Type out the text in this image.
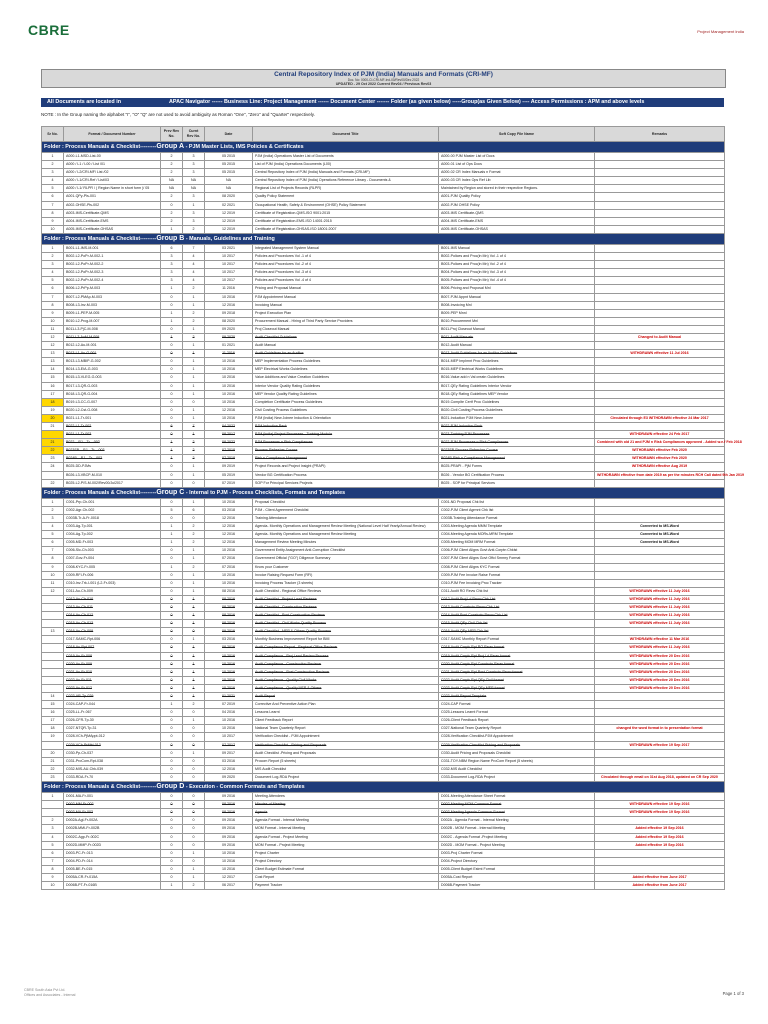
CBRE	Project Management India
Central Repository Index of PJM (India) Manuals and Formats (CRI-MF)
Doc. No: 0000-CI-CRI-MF-Ind-00/Rev00/Dec 2022
UPDATED - 29 Oct 2022 Current Rev04 / Previous Rev03
All Documents are located in	APAC Navigator ------ Business Line: Project Management ------ Document Center ------- Folder (as given below) -----Group(as Given Below) ---- Access Permissions : APM and above levels
NOTE : In the Group naming the alphabet "I", "O" "Q" are not used to avoid ambiguity as Roman "One", "Zero" and "Quarter" respectively.
Sr No.	Format / Document Number	Prev Rev No.	Curnt Rev No.	Date	Document Title	Soft Copy File Name	Remarks
Folder : Process Manuals & Checklist---------Group A - PJM Master Lists, IMS Policies & Certificates							
1	A000-L1-MSD-List-00	2	3	05 2015	PJM (India) Operations Master List of Documents	A000-00 PJM Master List of Docs	
2	A000 / L1 / L00 / List /01	2	3	05 2015	List of PJM (India) Operations Documents (L00)	A000-01 List of Ops Docs	
3	A000 / L2/CRI-MF/ List /02	2	3	05 2015	Central Repository Index of PJM (India) Manuals and Formats (CRI-MF)	A000-02 CR Index Manuals n Format	
4	A000 / L1/CRI-Ref / List/03	NA	NA	NA	Central Repository Index of PJM (India) Operations Reference Library - Documents &	A000-03 CR Index Ops Ref Lib	
5	A000 / L1/ RLPR / ( Region Name in short form )/ 05	NA	NA	NA	Regional List of Projects Records (RLPR)	Maintained by Region and stored in their respective Regions.	
6	A001-QPy-Pls-001	2	3	08 2020	Quality Policy Statement	A001-PJM Quality Policy	
7	A002-OHSE-Pls-002	0	1	02 2021	Occupational Health, Safety & Environment (OHSE) Policy Statement	A002-PJM OHSE Policy	
8	A003-IMS-Certificate-QMS	2	3	12 2019	Certificate of Registration-QMS-ISO 9001:2015	A003-IMS Certificate-QMS	
9	A004-IMS-Certificate-EMS	2	3	12 2019	Certificate of Registration-EMS-ISO 14001:2015	A004-IMS Certificate-EMS	
10	A005-IMS-Certificate-OHSAS	1	2	12 2019	Certificate of Registration-OHSAS-ISO 18001:2007	A005-IMS Certificate-OHSAS	
Folder : Process Manuals & Checklist---------Group B - Manuals, Guidelines and Training							
1	B001-L1-IMS-M-001	6	7	03 2021	Integrated Management System Manual	B001-IMS Manual	
2	B002-L2-PoPr-M-002-1	3	4	10 2017	Policies and Procedures Vol -1 of 4	B002-Polices and Proc(in Mn) Vol -1 of 4	
3	B002-L2-PoPr-M-002-2	3	4	10 2017	Policies and Procedures Vol -2 of 4	B003-Polices and Proc(in Mn) Vol -2 of 4	
4	B002-L2-PoPr-M-002-3	3	4	10 2017	Policies and Procedures Vol -3 of 4	B004-Polices and Proc(in Mn) Vol -3 of 4	
5	B002-L2-PoPr-M-002-4	3	4	10 2017	Policies and Procedures Vol -4 of 4	B005-Polices and Proc(in Mn) Vol -4 of 4	
6	B006-L2-PrPp-M-003	1	2	11 2016	Pricing and Proposal Manual	B006-Pricing and Proposal Mnl	
7	B007-L2-PMAp-M-003	0	1	10 2016	PJM Appointment Manual	B007-PJM Appnt Manual	
8	B008-L3-Inv-M-003	0	1	12 2016	Invoicing Manual	B008-Invoicing Mnl	
9	B009-L1-PEP-M-005	1	2	09 2018	Project Execution Plan	B009-PEP Mnnl	
10	B010-L2-Prcg-M-007	1	2	08 2020	Procurement Manual - Hiring of Third Party Service Providers	B010-Procurement Mnl	
11	B011-L3-PjC-M-008	0	1	09 2020	Proj Closeout Manual	B011-Proj Closeout Manual	
12	B011-L3-AuM-M-009	1	2	09 2020	Audit Checklist Guidelines	B011-Audit Manuals	Changed to Audit Manual
12	B012-L2-Au-M-001	0	1	01 2021	Audit Manual	B012-Audit Manual	
13	B013-L1-Au-G-001	0	1	11 2016	Audit Guidelines for an Auditor	B013-Audit Guidelines for an Auditor Guidelines	WITHDRAWN effective 11 Jul 2016
13	B013-L3-MBIP-G-002	0	1	10 2016	MEP Implementation Process Guidelines	B014-MEP Implmnt Proc Guidelines	
14	B014-L3-EIA-G-003	0	1	10 2016	MEP Electrical Works Guidelines	B015-MEP Electrical Works Guidelines	
15	B015-L3-VLEG-G-003	0	1	10 2016	Value Additions and Value Creation Guidelines	B016-Value add n Val creatn Guidelines	
16	B017-L3-QR-G-003	0	1	10 2016	Interior Vendor Quality Rating Guidelines	B017-QEy Rating Guidelines Interior Vendor	
17	B018-L3-QR-G-004	0	1	10 2016	MEP Vendor Quality Rating Guidelines	B018-QEy Rating Guidelines MEP Vendor	
18	B019-L3-CC-G-007	0	0	10 2016	Completion Certificate Process Guidelines	B019-Complte Certf Proc Guidelines	
19	B020-L2-Cst-G-008	0	1	12 2016	Civil Costing Process Guidelines	B020-Civil Costing Process Guidelines	
20	B021-L1-Tr-001	0	1	10 2016	PJM (India) New Joinee Induction & Orientation	B021-Induction PJM New Joinee	Circulated through E3 WITHDRAWN effective 24 Mar 2017
21	B022-L1-Tr-002	6	7	04 2022	PJM Induction Pack	B022-PJM Induction Pack	
	B021-L1-Tr-003	0	1	08 2017	PJM (India) Project Processes - Training Module	B023-Training PJM Processes	WITHDRAWN effective 24 Feb 2017
21	B022 – PJ – Tr – 002	1	2	08 2022	PJM Processes n Risk Compliances	B022-PJM Processes n Risk Compliances	Combined with old 21 and PJM n Risk Compliances approved - Added w.e.f Feb 2018
22	B023SB – PJ – Tr – 003	1	2	07 2018	Process Refresher Course	B023SB-Process Refresher Course	WITHDRAWN effective Feb 2020
23	B024B – PJ – Tr – 003	1	2	07 2018	Risk n Compliance Management	B024B-Risk n Compliance Management	WITHDRAWN effective Feb 2020
24	B025-DD-PJMs	0	1	09 2019	Project Records and Project Insight (PRAPI)	B025-PRAPI - PjM Forms	WITHDRAWN effective Aug 2019
	B026-L3-VBCP-M-010	0	1	05 2019	Vendor BG Certification Process	B026 - Vendor BG Certification Process	WITHDRAWN effective from date 2019 as per the minutes RCH Call dated 9th Jan 2019
22	B025-L2-P/S-M-002/Rev00/Jul2017	0	0	07 2019	SOP For Principal Services Projects	B025 - SOP for Principal Services	
Folder : Process Manuals & Checklist---------Group C - Internal to PJM - Process Checklists, Formats and Templates							
1	C001-Prp-Ch-001	0	1	10 2016	Proposal Checklist	C001-ND Proposal Chk list	
2	C002-Agr-Ch-002	5	6	03 2018	PJM - Client Agreement Checklist	C002-PJM Client Agrmnt Chk list	
3	C003B-Tr-A-Fr-0018	0	0	12 2016	Training Attendance	C003B-Training Attendance Format	
4	C003-Ag-Tp-001	1	2	12 2016	Agenda- Monthly Operations and Management Review Meeting (National Level Half Yearly/Annual Review)	C003-Meeting Agenda MMM Template	Converted to MS-Word
5	C004-Ag-Tp-002	1	2	12 2016	Agenda- Monthly Operations and Management Review Meeting	C004-Meeting Agenda MORs-MRM Template	Converted to MS-Word
6	C005-MD-Fr-003	1	2	12 2016	Management Review Meeting Minutes	C005-Meeting MOM MRM Format	Converted to MS-Word
7	C006-Slc-Ch-003	0	1	10 2016	Government Entity Assignment Anti-Corruption Checklist	C006-PJM Client Aligns Govt Anti-Corptn Chklst	
8	C007-Gov-Fr-004	0	1	07 2016	Government Official ("GO") Diligence Summary	C007-PJM Client Aligns Govt Offcl Smmry Format	
9	C008-KYC-Fr-005	1	2	07 2016	Know your Customer	C008-PJM Client Aligns KYC Format	
10	C009-RFI-Fr-006	0	1	10 2016	Invoice Raising Request Form (RFI)	C009-PJM Fee Invoice Raise Format	
11	C010-Inv-Trk-I-001 (L2-Fr-003)	0	1	10 2016	Invoicing Process Tracker (3 sheets)	C010-PJM Fee Invoicing Proc Tracker	
12	C011-Au-Ch-009	0	1	08 2016	Audit Checklist - Regional Office Reviews	C011-Audit RO Revw Chk list	WITHDRAWN effective 11 July 2016
	C012-Au-Ch-010	0	1	08 2016	Audit Checklist - Project Lead Reviews	C012-Audit Proj Ld Revw Chk List	WITHDRAWN effective 11 July 2016
	C013-Au-Ch-011	0	1	08 2016	Audit Checklist - Construction Reviews	C013-Audit Constrctn Revw Chk List	WITHDRAWN effective 11 July 2016
	C014-Au-Ch-012	0	1	08 2016	Audit Checklist - Post Construction Reviews	C014-Audit Post Constrctn Revw Chk List	WITHDRAWN effective 11 July 2016
	C015-Au-Ch-013	0	1	08 2016	Audit Checklist - Civil Works Quality Process	C015-Audit QEy Civil Chk list	WITHDRAWN effective 11 July 2016
13	C016-Au-Ch-009	0	0	09 2016	Audit Checklist - MEP & Others Quality Process	C016-Audit QEy MEP Chk list	
	C017-SAMC-Rpt-006	0	1	03 2016	Monthly Business Improvement Report for BMI	C017-SAMC Monthly Report Format	WITHDRAWN effective 11 Mar 2016
	C018-Au-Rpt-007	0	1	08 2016	Audit Compliance Report - Regional Office Reviews	C018-Audit Cmplc Rpt RO Revw format	WITHDRAWN effective 11 July 2016
	C019-Au-Fr-008	0	1	10 2016	Audit Compliance - Proj Lead Review Process	C019-Audit Cmplc Rpt Proj Ld Revw format	WITHDRAWN effective 20 Dec 2016
	C020-Au-Fr-009	0	1	10 2016	Audit Compliance - Construction Reviews	C020-Audit Cmplc Rpt Constrctn Revw format	WITHDRAWN effective 20 Dec 2016
	C021-Au-Fr-010	0	1	10 2016	Audit Compliance - Post Construction Reviews	C021-Audit Cmplc Rpt Post Constrctn Revw format	WITHDRAWN effective 20 Dec 2016
	C022-Au-Fr-011	0	1	10 2016	Audit Compliance - Quality Civil Works	C022-Audit Cmplc Rpt QEy Civil format	WITHDRAWN effective 20 Dec 2016
	C023-Au-Fr-012	0	1	10 2016	Audit Compliance - Quality MEP & Others	C023-Audit Cmplc Rpt QEy MEP format	WITHDRAWN effective 20 Dec 2016
14	C023-AR-Tp-029	0	1	01 2021	Audit Report	C023-Audit Report Template	
15	C024-CAP-Fr-044	1	2	07 2019	Corrective And Preventive Action Plan	C024-CAP Format	
16	C025-LL-Fr-067	0	0	04 2016	Lessons Learnt	C025-Lessons Learnt Format	
17	C026-CFR-Tp-30	0	1	10 2016	Client Feedback Report	C026-Client Feedback Report	
18	C027-NTQR-Tp-31	0	0	10 2016	National Team Quarterly Report	C027-National Team Quarterly Report	changed the word format in to presentation format
19	C028-VCh-PjMAppt-012	0	0	10 2017	Verification Checklist - PJM Appointment	C028-Verification Checklist-PJM Appointment	
	C029-VCh-PrMtd-013	0	0	07 2017	Verification Checklist - Pricing and Proposals	C029-Verification Checklist-Pricing and Proposals	WITHDRAWN effective 19 Sep 2017
20	C030-Pp-Ch-037	0	1	09 2017	Audit Checklist -Pricing and Proposals	C030-Audit Pricing and Proposals Checklist	
21	C031-ProCom-Rpt-038	0	0	03 2016	Procom Report (5 sheets)	C031-TOY-NBM Region Name ProCom Report (5 sheets)	
22	C032-MIS-AU-Chk-039	0	0	12 2016	MIS Audit Checklist	C032-MIS Audit Checklist	
23	C033-RDA-Fr-70	0	0	09 2020	Document Log-RDA Project	C033-Document Log-RDA Project	Circulated through email on 31st Aug 2018, updated on CR Sep 2020
Folder : Process Manuals & Checklist---------Group D - Execution - Common Formats and Templates							
1	D001-MA-Fr-001	0	0	09 2016	Meeting Attendees	D001-Meeting Attendance Sheet Format	
	D002-MM-Fr-002	0	0	08 2016	Minutes of Meeting	D002-Meeting MOM Common Format	WITHDRAWN effective 19 Sep 2016
	D003-MA-Fr-003	0	0	08 2016	Agenda	D003-Meeting Agenda Common Format	WITHDRAWN effective 19 Sep 2016
2	D002A-Agl-Fr-002A	0	0	09 2016	Agenda Format - Internal Meeting	D002A - Agenda Format - Internal Meeting	
3	D002B-MMI-Fr-002B	0	0	09 2016	MOM Format - Internal Meeting	D002B - MOM Format - Internal Meeting	Added effective 19 Sep 2016
4	D002C-Agp-Fr-002C	0	0	09 2016	Agenda Format - Project Meeting	D002C - Agenda Format -Project Meeting	Added effective 19 Sep 2016
5	D002D-MMP-Fr-002D	0	0	09 2016	MOM Format - Project Meeting	D002D - MOM Format - Project Meeting	Added effective 19 Sep 2016
6	D003-PC-Fr-013	0	1	10 2016	Project Charter	D003-Proj Charter Format	
7	D004-PD-Fr-014	0	0	10 2016	Project Directory	D004-Project Directory	
8	D005-BE-Fr-015	0	1	10 2016	Client Budget Estimate Format	D005-Client Budget Estmt Format	
9	D005A-CR-Fr-015A	0	1	12 2017	Cost Report	D005A-Cost Report	Added effective from June 2017
10	D006B-PT-Fr-016B	1	2	06 2017	Payment Tracker	D006B-Payment Tracker	Added effective from June 2017
CBRE South Asia Pvt Ltd.
Offices and Associates - Internal	Page 1 of 3
